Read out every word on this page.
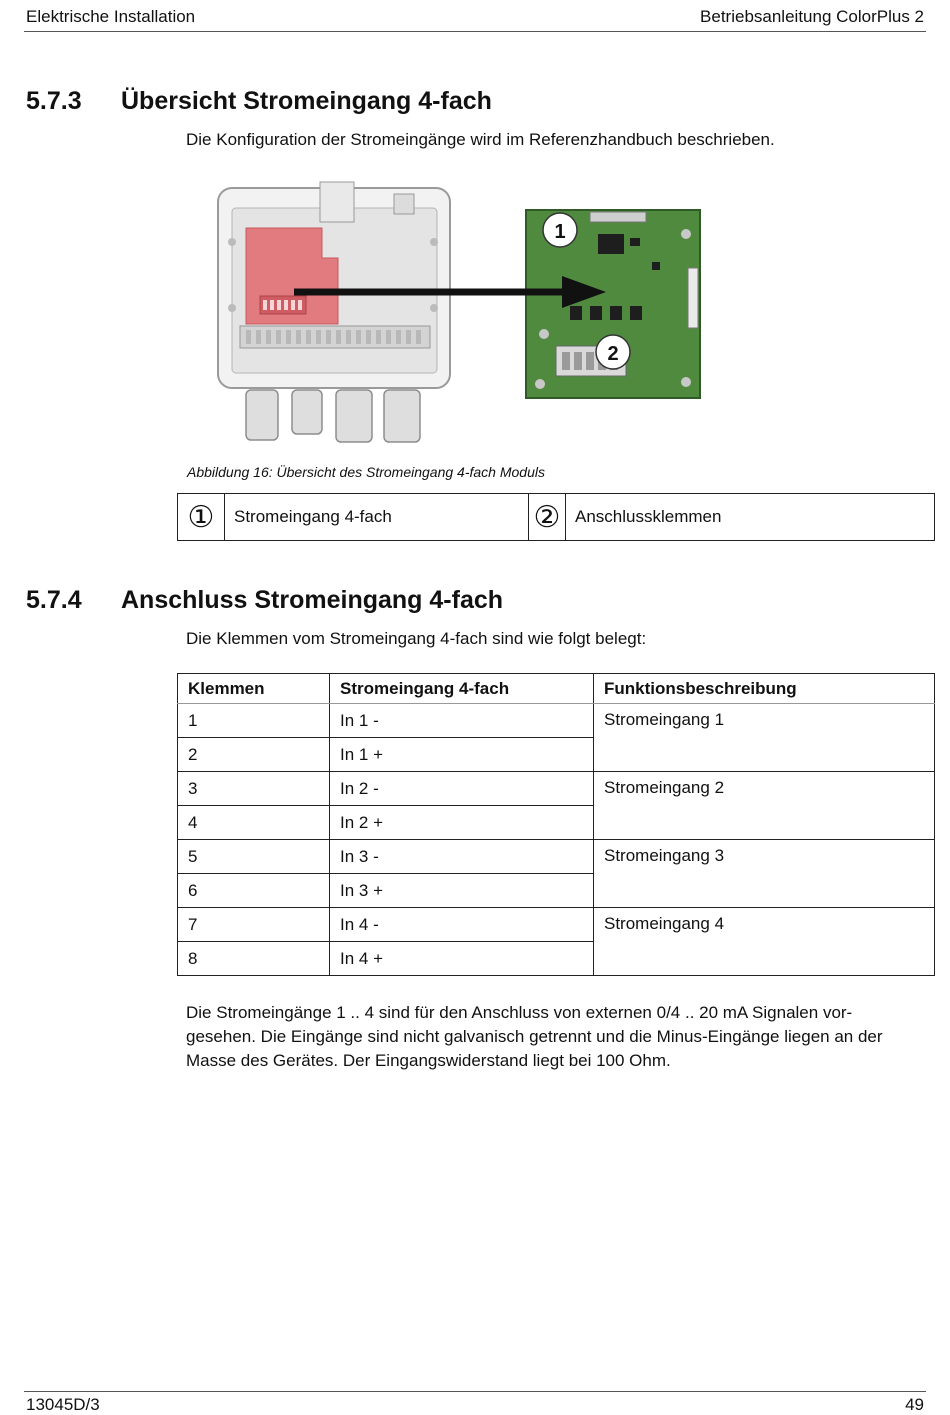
Elektrische Installation	Betriebsanleitung ColorPlus 2
5.7.3 Übersicht Stromeingang 4-fach
Die Konfiguration der Stromeingänge wird im Referenzhandbuch beschrieben.
1
2
Abbildung 16: Übersicht des Stromeingang 4-fach Moduls
①	Stromeingang 4-fach	②	Anschlussklemmen
5.7.4 Anschluss Stromeingang 4-fach
Die Klemmen vom Stromeingang 4-fach sind wie folgt belegt:
Klemmen	Stromeingang 4-fach	Funktionsbeschreibung
1	In 1 -	Stromeingang 1
2	In 1 +	
3	In 2 -	Stromeingang 2
4	In 2 +	
5	In 3 -	Stromeingang 3
6	In 3 +	
7	In 4 -	Stromeingang 4
8	In 4 +	
Die Stromeingänge 1 .. 4 sind für den Anschluss von externen 0/4 .. 20 mA Signalen vor-
gesehen. Die Eingänge sind nicht galvanisch getrennt und die Minus-Eingänge liegen an der
Masse des Gerätes. Der Eingangswiderstand liegt bei 100 Ohm.
13045D/3	49
